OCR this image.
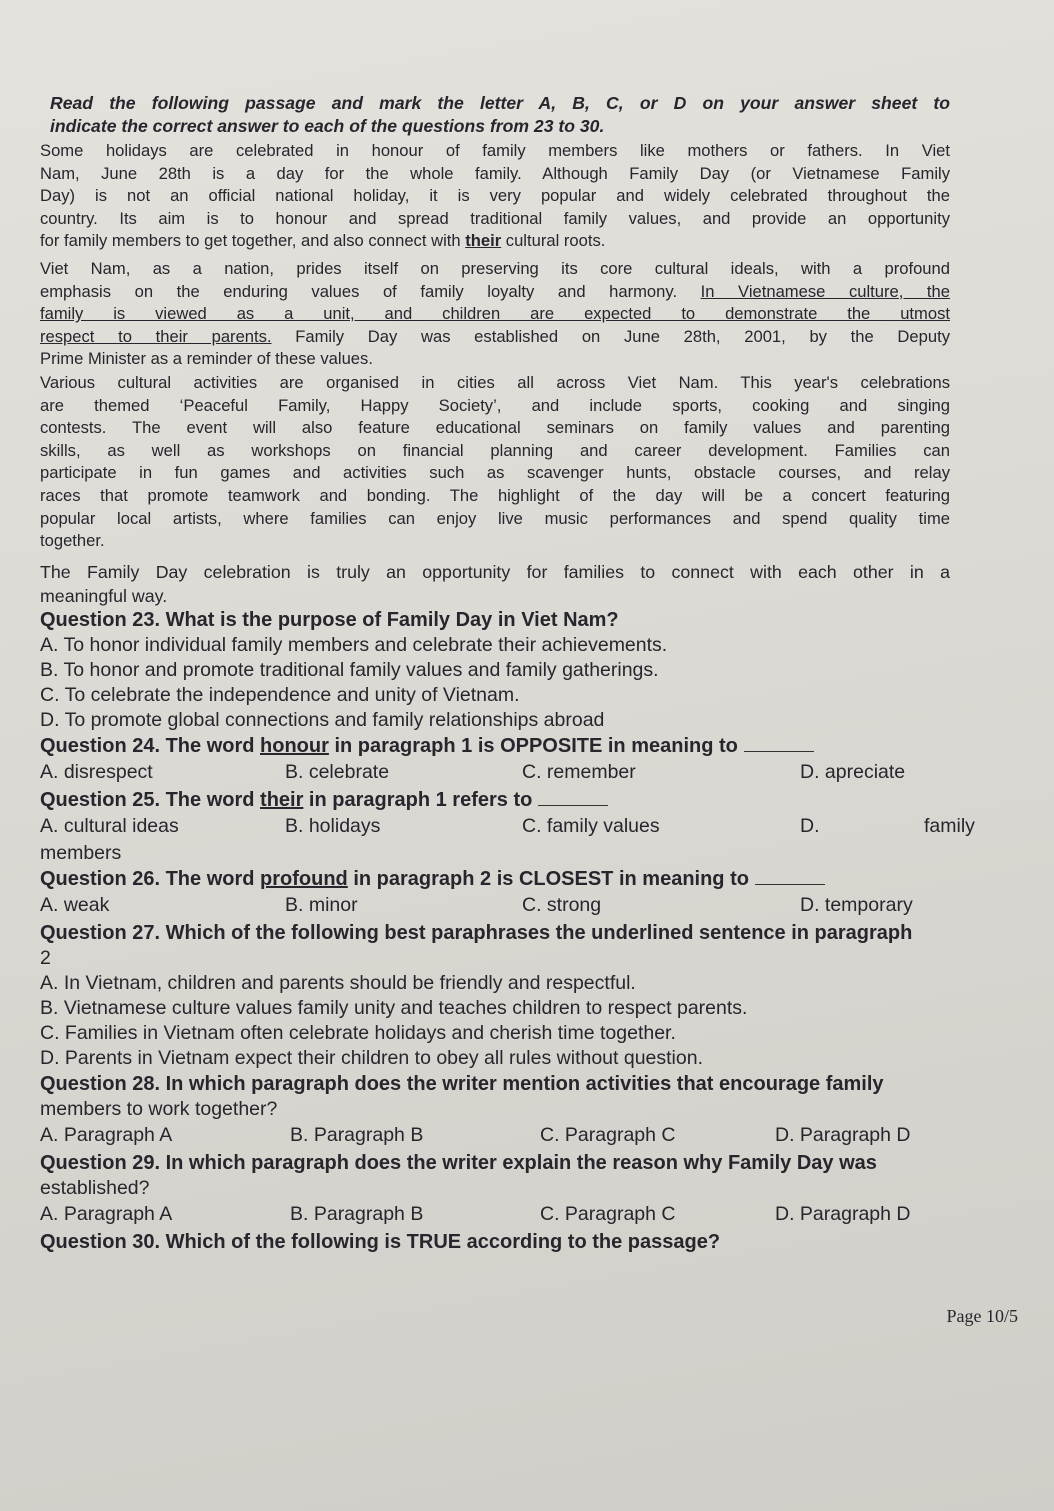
Read the following passage and mark the letter A, B, C, or D on your answer sheet to
indicate the correct answer to each of the questions from 23 to 30.
Some holidays are celebrated in honour of family members like mothers or fathers. In Viet
Nam, June 28th is a day for the whole family. Although Family Day (or Vietnamese Family
Day) is not an official national holiday, it is very popular and widely celebrated throughout the
country. Its aim is to honour and spread traditional family values, and provide an opportunity
for family members to get together, and also connect with their cultural roots.
Viet Nam, as a nation, prides itself on preserving its core cultural ideals, with a profound
emphasis on the enduring values of family loyalty and harmony. In Vietnamese culture, the
family is viewed as a unit, and children are expected to demonstrate the utmost
respect to their parents. Family Day was established on June 28th, 2001, by the Deputy
Prime Minister as a reminder of these values.
Various cultural activities are organised in cities all across Viet Nam. This year's celebrations
are themed ‘Peaceful Family, Happy Society’, and include sports, cooking and singing
contests. The event will also feature educational seminars on family values and parenting
skills, as well as workshops on financial planning and career development. Families can
participate in fun games and activities such as scavenger hunts, obstacle courses, and relay
races that promote teamwork and bonding. The highlight of the day will be a concert featuring
popular local artists, where families can enjoy live music performances and spend quality time
together.
The Family Day celebration is truly an opportunity for families to connect with each other in a
meaningful way.
Question 23. What is the purpose of Family Day in Viet Nam?
A. To honor individual family members and celebrate their achievements.
B. To honor and promote traditional family values and family gatherings.
C. To celebrate the independence and unity of Vietnam.
D. To promote global connections and family relationships abroad
Question 24. The word honour in paragraph 1 is OPPOSITE in meaning to
A. disrespect	B. celebrate	C. remember	D. apreciate
Question 25. The word their in paragraph 1 refers to
A. cultural ideas	B. holidays	C. family values	D.	family
members
Question 26. The word profound in paragraph 2 is CLOSEST in meaning to
A. weak	B. minor	C. strong	D. temporary
Question 27. Which of the following best paraphrases the underlined sentence in paragraph
2
A. In Vietnam, children and parents should be friendly and respectful.
B. Vietnamese culture values family unity and teaches children to respect parents.
C. Families in Vietnam often celebrate holidays and cherish time together.
D. Parents in Vietnam expect their children to obey all rules without question.
Question 28. In which paragraph does the writer mention activities that encourage family
members to work together?
A. Paragraph A	B. Paragraph B	C. Paragraph C	D. Paragraph D
Question 29. In which paragraph does the writer explain the reason why Family Day was
established?
A. Paragraph A	B. Paragraph B	C. Paragraph C	D. Paragraph D
Question 30. Which of the following is TRUE according to the passage?
Page 10/5
